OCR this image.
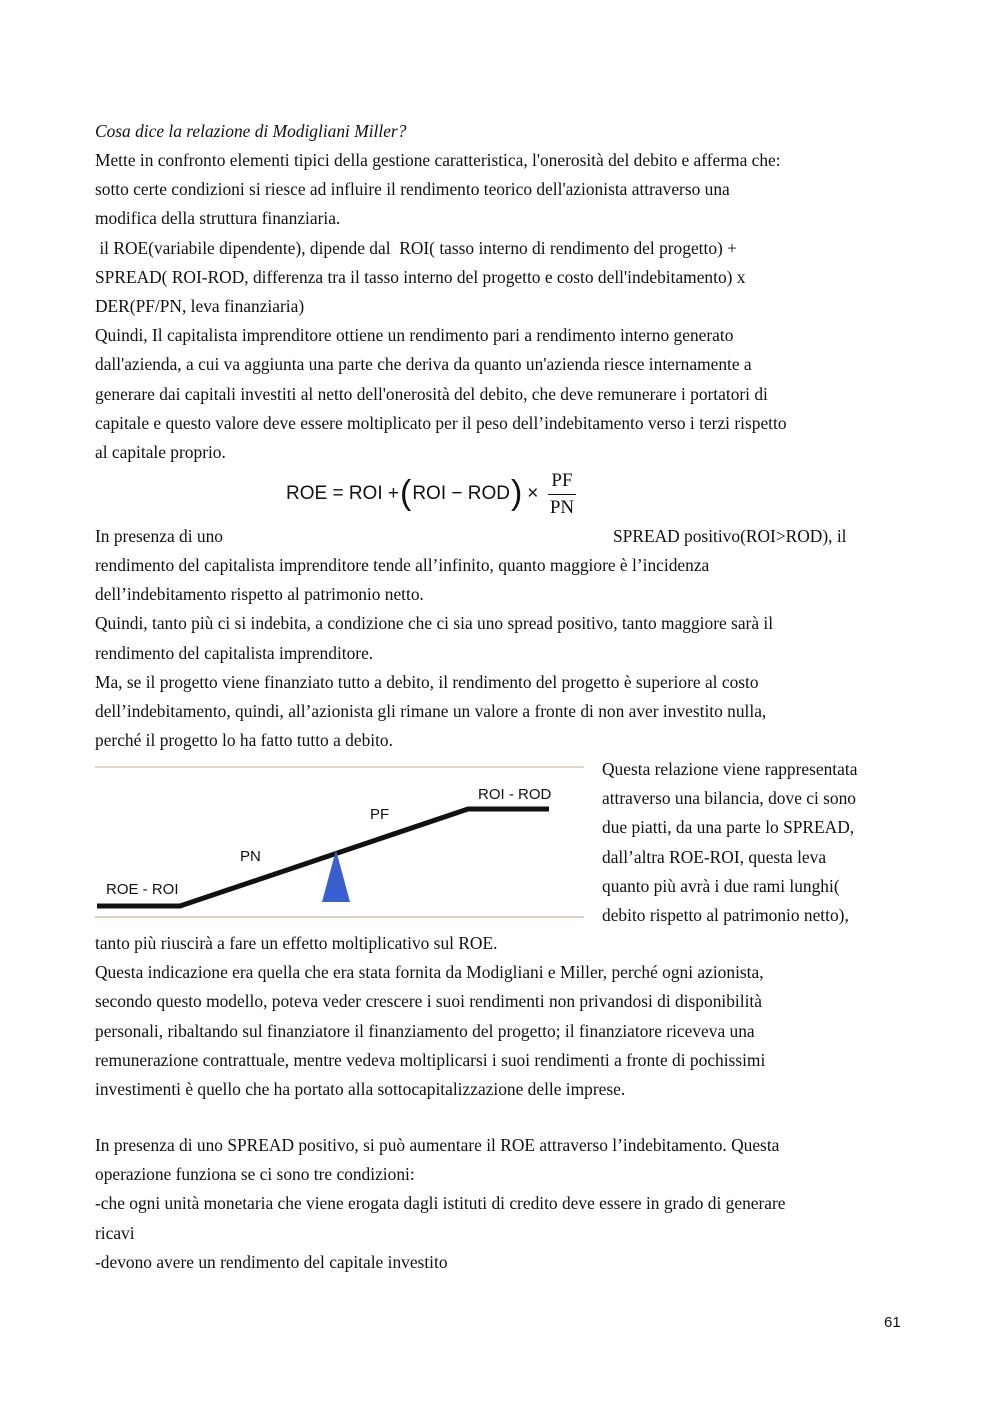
Cosa dice la relazione di Modigliani Miller?

Mette in confronto elementi tipici della gestione caratteristica, l'onerosità del debito e afferma che:
sotto certe condizioni si riesce ad influire il rendimento teorico dell'azionista attraverso una
modifica della struttura finanziaria.
il ROE(variabile dipendente), dipende dal  ROI( tasso interno di rendimento del progetto) +
SPREAD( ROI-ROD, differenza tra il tasso interno del progetto e costo dell'indebitamento) x
DER(PF/PN, leva finanziaria)
Quindi, Il capitalista imprenditore ottiene un rendimento pari a rendimento interno generato
dall'azienda, a cui va aggiunta una parte che deriva da quanto un'azienda riesce internamente a
generare dai capitali investiti al netto dell'onerosità del debito, che deve remunerare i portatori di
capitale e questo valore deve essere moltiplicato per il peso dell’indebitamento verso i terzi rispetto
al capitale proprio.
ROE = ROI + ( ROI − ROD ) × $\frac{PF}{PN}$
In presenza di uno	SPREAD positivo(ROI>ROD), il
rendimento del capitalista imprenditore tende all’infinito, quanto maggiore è l’incidenza
dell’indebitamento rispetto al patrimonio netto.
Quindi, tanto più ci si indebita, a condizione che ci sia uno spread positivo, tanto maggiore sarà il
rendimento del capitalista imprenditore.
Ma, se il progetto viene finanziato tutto a debito, il rendimento del progetto è superiore al costo
dell’indebitamento, quindi, all’azionista gli rimane un valore a fronte di non aver investito nulla,
perché il progetto lo ha fatto tutto a debito.
ROE - ROI
PN
PF
ROI - ROD
Questa relazione viene rappresentata
attraverso una bilancia, dove ci sono
due piatti, da una parte lo SPREAD,
dall’altra ROE-ROI, questa leva
quanto più avrà i due rami lunghi(
debito rispetto al patrimonio netto),
tanto più riuscirà a fare un effetto moltiplicativo sul ROE.
Questa indicazione era quella che era stata fornita da Modigliani e Miller, perché ogni azionista,
secondo questo modello, poteva veder crescere i suoi rendimenti non privandosi di disponibilità
personali, ribaltando sul finanziatore il finanziamento del progetto; il finanziatore riceveva una
remunerazione contrattuale, mentre vedeva moltiplicarsi i suoi rendimenti a fronte di pochissimi
investimenti è quello che ha portato alla sottocapitalizzazione delle imprese.
In presenza di uno SPREAD positivo, si può aumentare il ROE attraverso l’indebitamento. Questa
operazione funziona se ci sono tre condizioni:
-che ogni unità monetaria che viene erogata dagli istituti di credito deve essere in grado di generare
ricavi
-devono avere un rendimento del capitale investito
61
